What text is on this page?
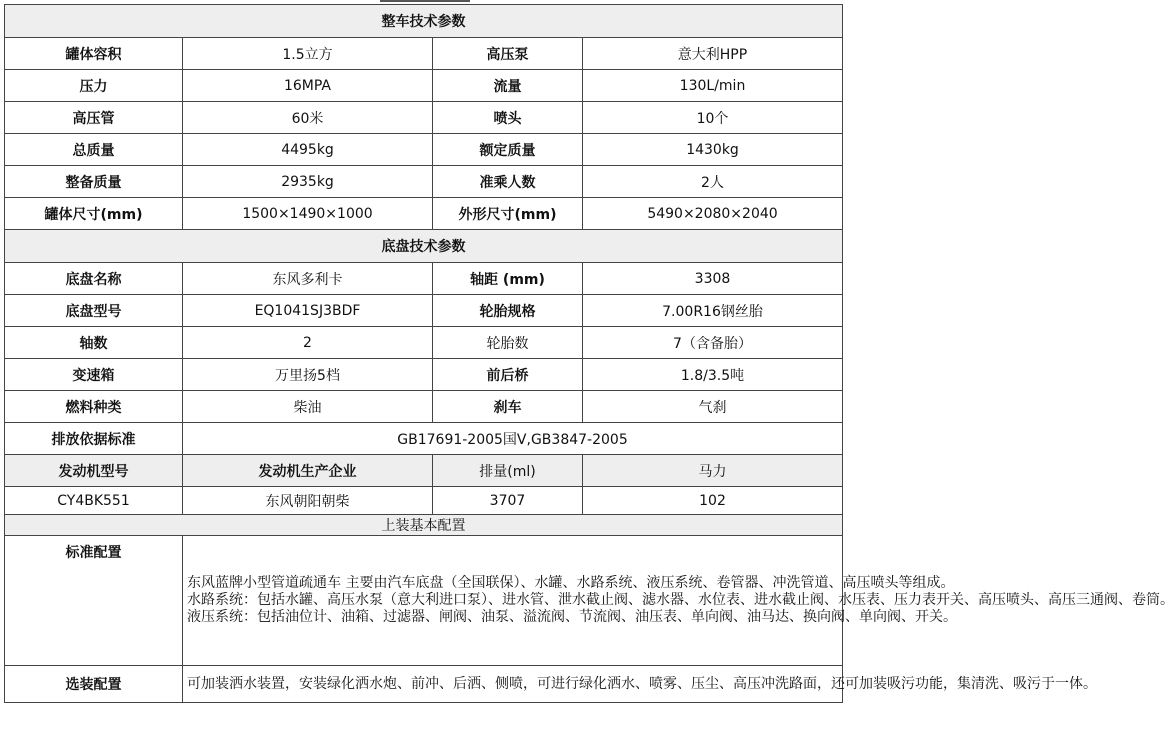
整车技术参数			
罐体容积	1.5立方	高压泵	意大利HPP
压力	16MPA	流量	130L/min
高压管	60米	喷头	10个
总质量	4495kg	额定质量	1430kg
整备质量	2935kg	准乘人数	2人
罐体尺寸(mm)	1500×1490×1000	外形尺寸(mm)	5490×2080×2040
底盘技术参数			
底盘名称	东风多利卡	轴距 (mm)	3308
底盘型号	EQ1041SJ3BDF	轮胎规格	7.00R16钢丝胎
轴数	2	轮胎数	7（含备胎）
变速箱	万里扬5档	前后桥	1.8/3.5吨
燃料种类	柴油	刹车	气刹
排放依据标准	GB17691-2005国Ⅴ,GB3847-2005		
发动机型号	发动机生产企业	排量(ml)	马力
CY4BK551	东风朝阳朝柴	3707	102
上装基本配置			
标准配置	东风蓝牌小型管道疏通车 主要由汽车底盘（全国联保）、水罐、水路系统、液压系统、卷管器、冲洗管道、高压喷头等组成。
水路系统：包括水罐、高压水泵（意大利进口泵）、进水管、泄水截止阀、滤水器、水位表、进水截止阀、水压表、压力表开关、高压喷头、高压三通阀、卷筒。
液压系统：包括油位计、油箱、过滤器、闸阀、油泵、溢流阀、节流阀、油压表、单向阀、油马达、换向阀、单向阀、开关。		

选装配置	可加装洒水装置，安装绿化洒水炮、前冲、后洒、侧喷，可进行绿化洒水、喷雾、压尘、高压冲洗路面，还可加装吸污功能，集清洗、吸污于一体。		
